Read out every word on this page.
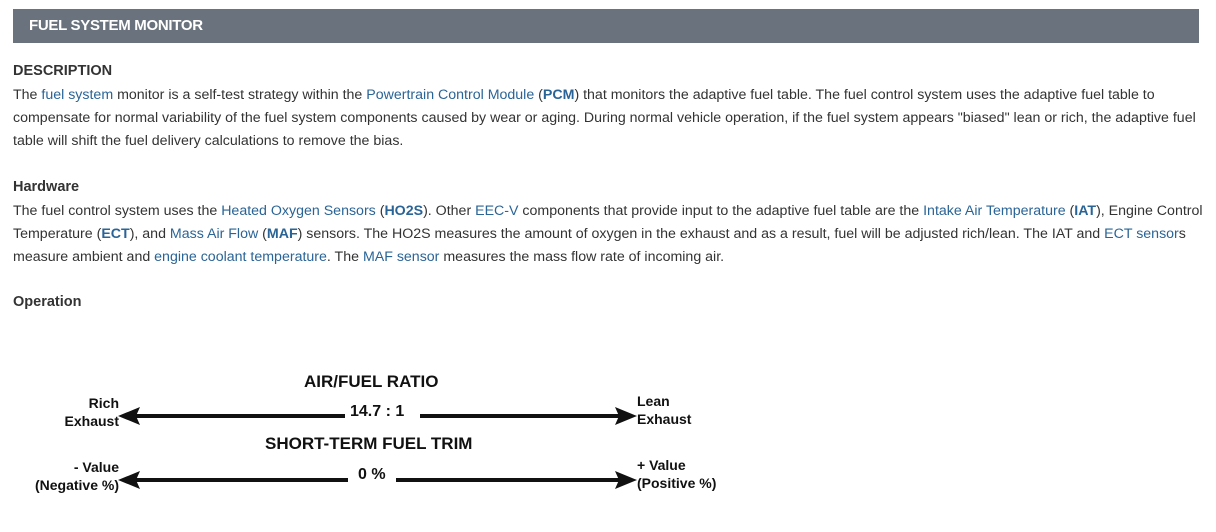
FUEL SYSTEM MONITOR
DESCRIPTION
The fuel system monitor is a self-test strategy within the Powertrain Control Module (PCM) that monitors the adaptive fuel table. The fuel control system uses the adaptive fuel table to compensate for normal variability of the fuel system components caused by wear or aging. During normal vehicle operation, if the fuel system appears "biased" lean or rich, the adaptive fuel table will shift the fuel delivery calculations to remove the bias.
Hardware
The fuel control system uses the Heated Oxygen Sensors (HO2S). Other EEC-V components that provide input to the adaptive fuel table are the Intake Air Temperature (IAT), Engine Control Temperature (ECT), and Mass Air Flow (MAF) sensors. The HO2S measures the amount of oxygen in the exhaust and as a result, fuel will be adjusted rich/lean. The IAT and ECT sensors measure ambient and engine coolant temperature. The MAF sensor measures the mass flow rate of incoming air.
Operation
AIR/FUEL RATIO
Rich
Exhaust
14.7 : 1
Lean
Exhaust
SHORT-TERM FUEL TRIM
- Value
(Negative %)
0 %
+ Value
(Positive %)
